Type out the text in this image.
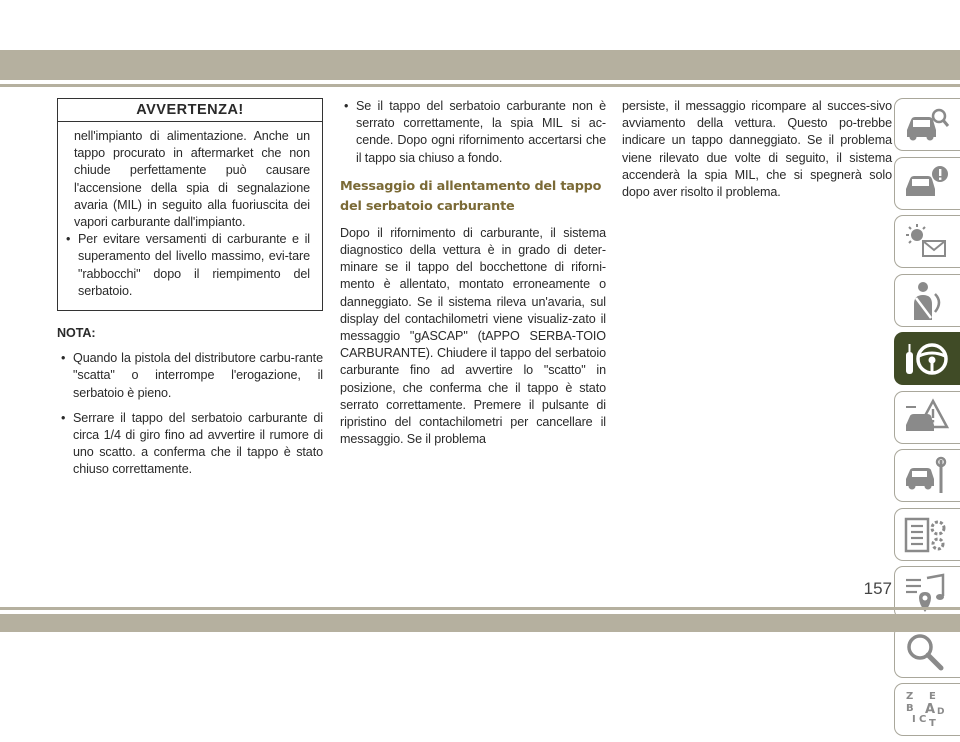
AVVERTENZA!
nell'impianto di alimentazione. Anche un tappo procurato in aftermarket che non chiude perfettamente può causare l'accensione della spia di segnalazione avaria (MIL) in seguito alla fuoriuscita dei vapori carburante dall'impianto.
• Per evitare versamenti di carburante e il superamento del livello massimo, evi-tare "rabbocchi" dopo il riempimento del serbatoio.
NOTA:
• Quando la pistola del distributore carbu-rante "scatta" o interrompe l'erogazione, il serbatoio è pieno.
• Serrare il tappo del serbatoio carburante di circa 1/4 di giro fino ad avvertire il rumore di uno scatto. a conferma che il tappo è stato chiuso correttamente.
• Se il tappo del serbatoio carburante non è serrato correttamente, la spia MIL si ac-cende. Dopo ogni rifornimento accertarsi che il tappo sia chiuso a fondo.
Messaggio di allentamento del tappo del serbatoio carburante
Dopo il rifornimento di carburante, il sistema diagnostico della vettura è in grado di deter-minare se il tappo del bocchettone di riforni-mento è allentato, montato erroneamente o danneggiato. Se il sistema rileva un'avaria, sul display del contachilometri viene visualiz-zato il messaggio "gASCAP" (tAPPO SERBA-TOIO CARBURANTE). Chiudere il tappo del serbatoio carburante fino ad avvertire lo "scatto" in posizione, che conferma che il tappo è stato serrato correttamente. Premere il pulsante di ripristino del contachilometri per cancellare il messaggio. Se il problema
persiste, il messaggio ricompare al succes-sivo avviamento della vettura. Questo po-trebbe indicare un tappo danneggiato. Se il problema viene rilevato due volte di seguito, il sistema accenderà la spia MIL, che si spegnerà solo dopo aver risolto il problema.
Z E
B A D
I C T
157
